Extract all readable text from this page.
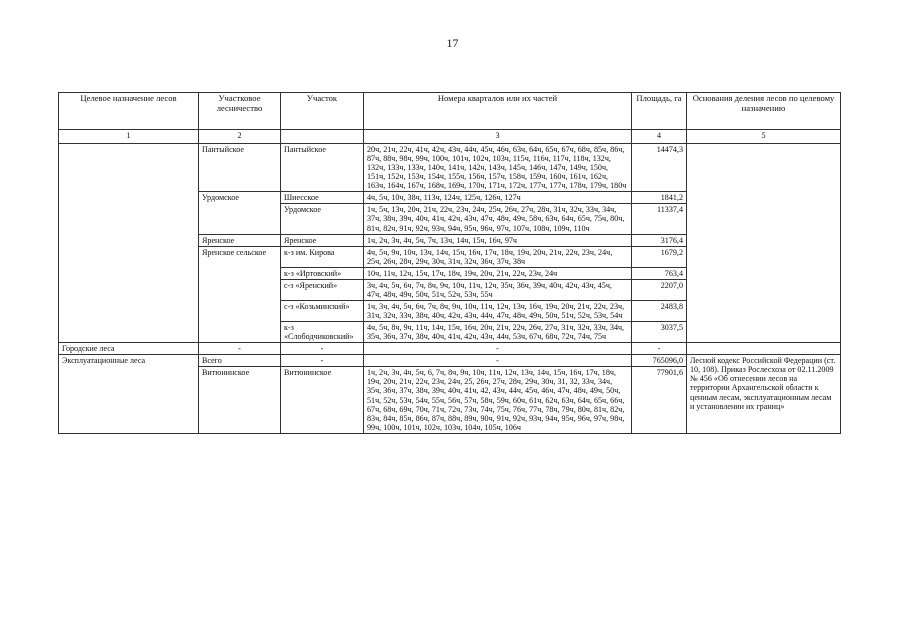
17
Целевое назначение лесов	Участковое лесничество	Участок	Номера кварталов или их частей	Площадь, га	Основания деления лесов по целевому назначению
1	2		3	4	5
	Пантыйское	Пантыйское	20ч, 21ч, 22ч, 41ч, 42ч, 43ч, 44ч, 45ч, 46ч, 63ч, 64ч, 65ч, 67ч, 68ч, 85ч, 86ч, 87ч, 88ч, 98ч, 99ч, 100ч, 101ч, 102ч, 103ч, 115ч, 116ч, 117ч, 118ч, 132ч, 132ч, 133ч, 133ч, 140ч, 141ч, 142ч, 143ч, 145ч, 146ч, 147ч, 149ч, 150ч, 151ч, 152ч, 153ч, 154ч, 155ч, 156ч, 157ч, 158ч, 159ч, 160ч, 161ч, 162ч, 163ч, 164ч, 167ч, 168ч, 169ч, 170ч, 171ч, 172ч, 177ч, 177ч, 178ч, 179ч, 180ч	14474,3	
	Урдомское	Шиесское	4ч, 5ч, 10ч, 38ч, 113ч, 124ч, 125ч, 126ч, 127ч	1841,2	
		Урдомское	1ч, 5ч, 13ч, 20ч, 21ч, 22ч, 23ч, 24ч, 25ч, 26ч, 27ч, 28ч, 31ч, 32ч, 33ч, 34ч, 37ч, 38ч, 39ч, 40ч, 41ч, 42ч, 43ч, 47ч, 48ч, 49ч, 58ч, 63ч, 64ч, 65ч, 75ч, 80ч, 81ч, 82ч, 91ч, 92ч, 93ч, 94ч, 95ч, 96ч, 97ч, 107ч, 108ч, 109ч, 110ч	11337,4	
	Яренское	Яренское	1ч, 2ч, 3ч, 4ч, 5ч, 7ч, 13ч, 14ч, 15ч, 16ч, 97ч	3176,4	
	Яренское сельское	к-з им. Кирова	4ч, 5ч, 9ч, 10ч, 13ч, 14ч, 15ч, 16ч, 17ч, 18ч, 19ч, 20ч, 21ч, 22ч, 23ч, 24ч, 25ч, 26ч, 28ч, 29ч, 30ч, 31ч, 32ч, 36ч, 37ч, 38ч	1679,2	
		к-з «Иртовский»	10ч, 11ч, 12ч, 15ч, 17ч, 18ч, 19ч, 20ч, 21ч, 22ч, 23ч, 24ч	763,4	
		с-з «Яренский»	3ч, 4ч, 5ч, 6ч, 7ч, 8ч, 9ч, 10ч, 11ч, 12ч, 35ч, 36ч, 39ч, 40ч, 42ч, 43ч, 45ч, 47ч, 48ч, 49ч, 50ч, 51ч, 52ч, 53ч, 55ч	2207,0	
		с-з «Козьминский»	1ч, 3ч, 4ч, 5ч, 6ч, 7ч, 8ч, 9ч, 10ч, 11ч, 12ч, 13ч, 16ч, 19ч, 20ч, 21ч, 22ч, 23ч, 31ч, 32ч, 33ч, 38ч, 40ч, 42ч, 43ч, 44ч, 47ч, 48ч, 49ч, 50ч, 51ч, 52ч, 53ч, 54ч	2483,8	
		к-з «Слободчиковский»	4ч, 5ч, 8ч, 9ч, 11ч, 14ч, 15ч, 16ч, 20ч, 21ч, 22ч, 26ч, 27ч, 31ч, 32ч, 33ч, 34ч, 35ч, 36ч, 37ч, 38ч, 40ч, 41ч, 42ч, 43ч, 44ч, 53ч, 67ч, 68ч, 72ч, 74ч, 75ч	3037,5	
Городские леса	-	-	-	-	
Эксплуатационные леса	Всего	-	-	765096,0	Лесной кодекс Российской Федерации (ст. 10, 108). Приказ Рослесхоза от 02.11.2009 № 456 «Об отнесении лесов на территории Архангельской области к ценным лесам, эксплуатационным лесам и установлении их границ»
	Витюнинское	Витюнинское	1ч, 2ч, 3ч, 4ч, 5ч, 6, 7ч, 8ч, 9ч, 10ч, 11ч, 12ч, 13ч, 14ч, 15ч, 16ч, 17ч, 18ч, 19ч, 20ч, 21ч, 22ч, 23ч, 24ч, 25, 26ч, 27ч, 28ч, 29ч, 30ч, 31, 32, 33ч, 34ч, 35ч, 36ч, 37ч, 38ч, 39ч, 40ч, 41ч, 42, 43ч, 44ч, 45ч, 46ч, 47ч, 48ч, 49ч, 50ч, 51ч, 52ч, 53ч, 54ч, 55ч, 56ч, 57ч, 58ч, 59ч, 60ч, 61ч, 62ч, 63ч, 64ч, 65ч, 66ч, 67ч, 68ч, 69ч, 70ч, 71ч, 72ч, 73ч, 74ч, 75ч, 76ч, 77ч, 78ч, 79ч, 80ч, 81ч, 82ч, 83ч, 84ч, 85ч, 86ч, 87ч, 88ч, 89ч, 90ч, 91ч, 92ч, 93ч, 94ч, 95ч, 96ч, 97ч, 98ч, 99ч, 100ч, 101ч, 102ч, 103ч, 104ч, 105ч, 106ч	77901,6	
